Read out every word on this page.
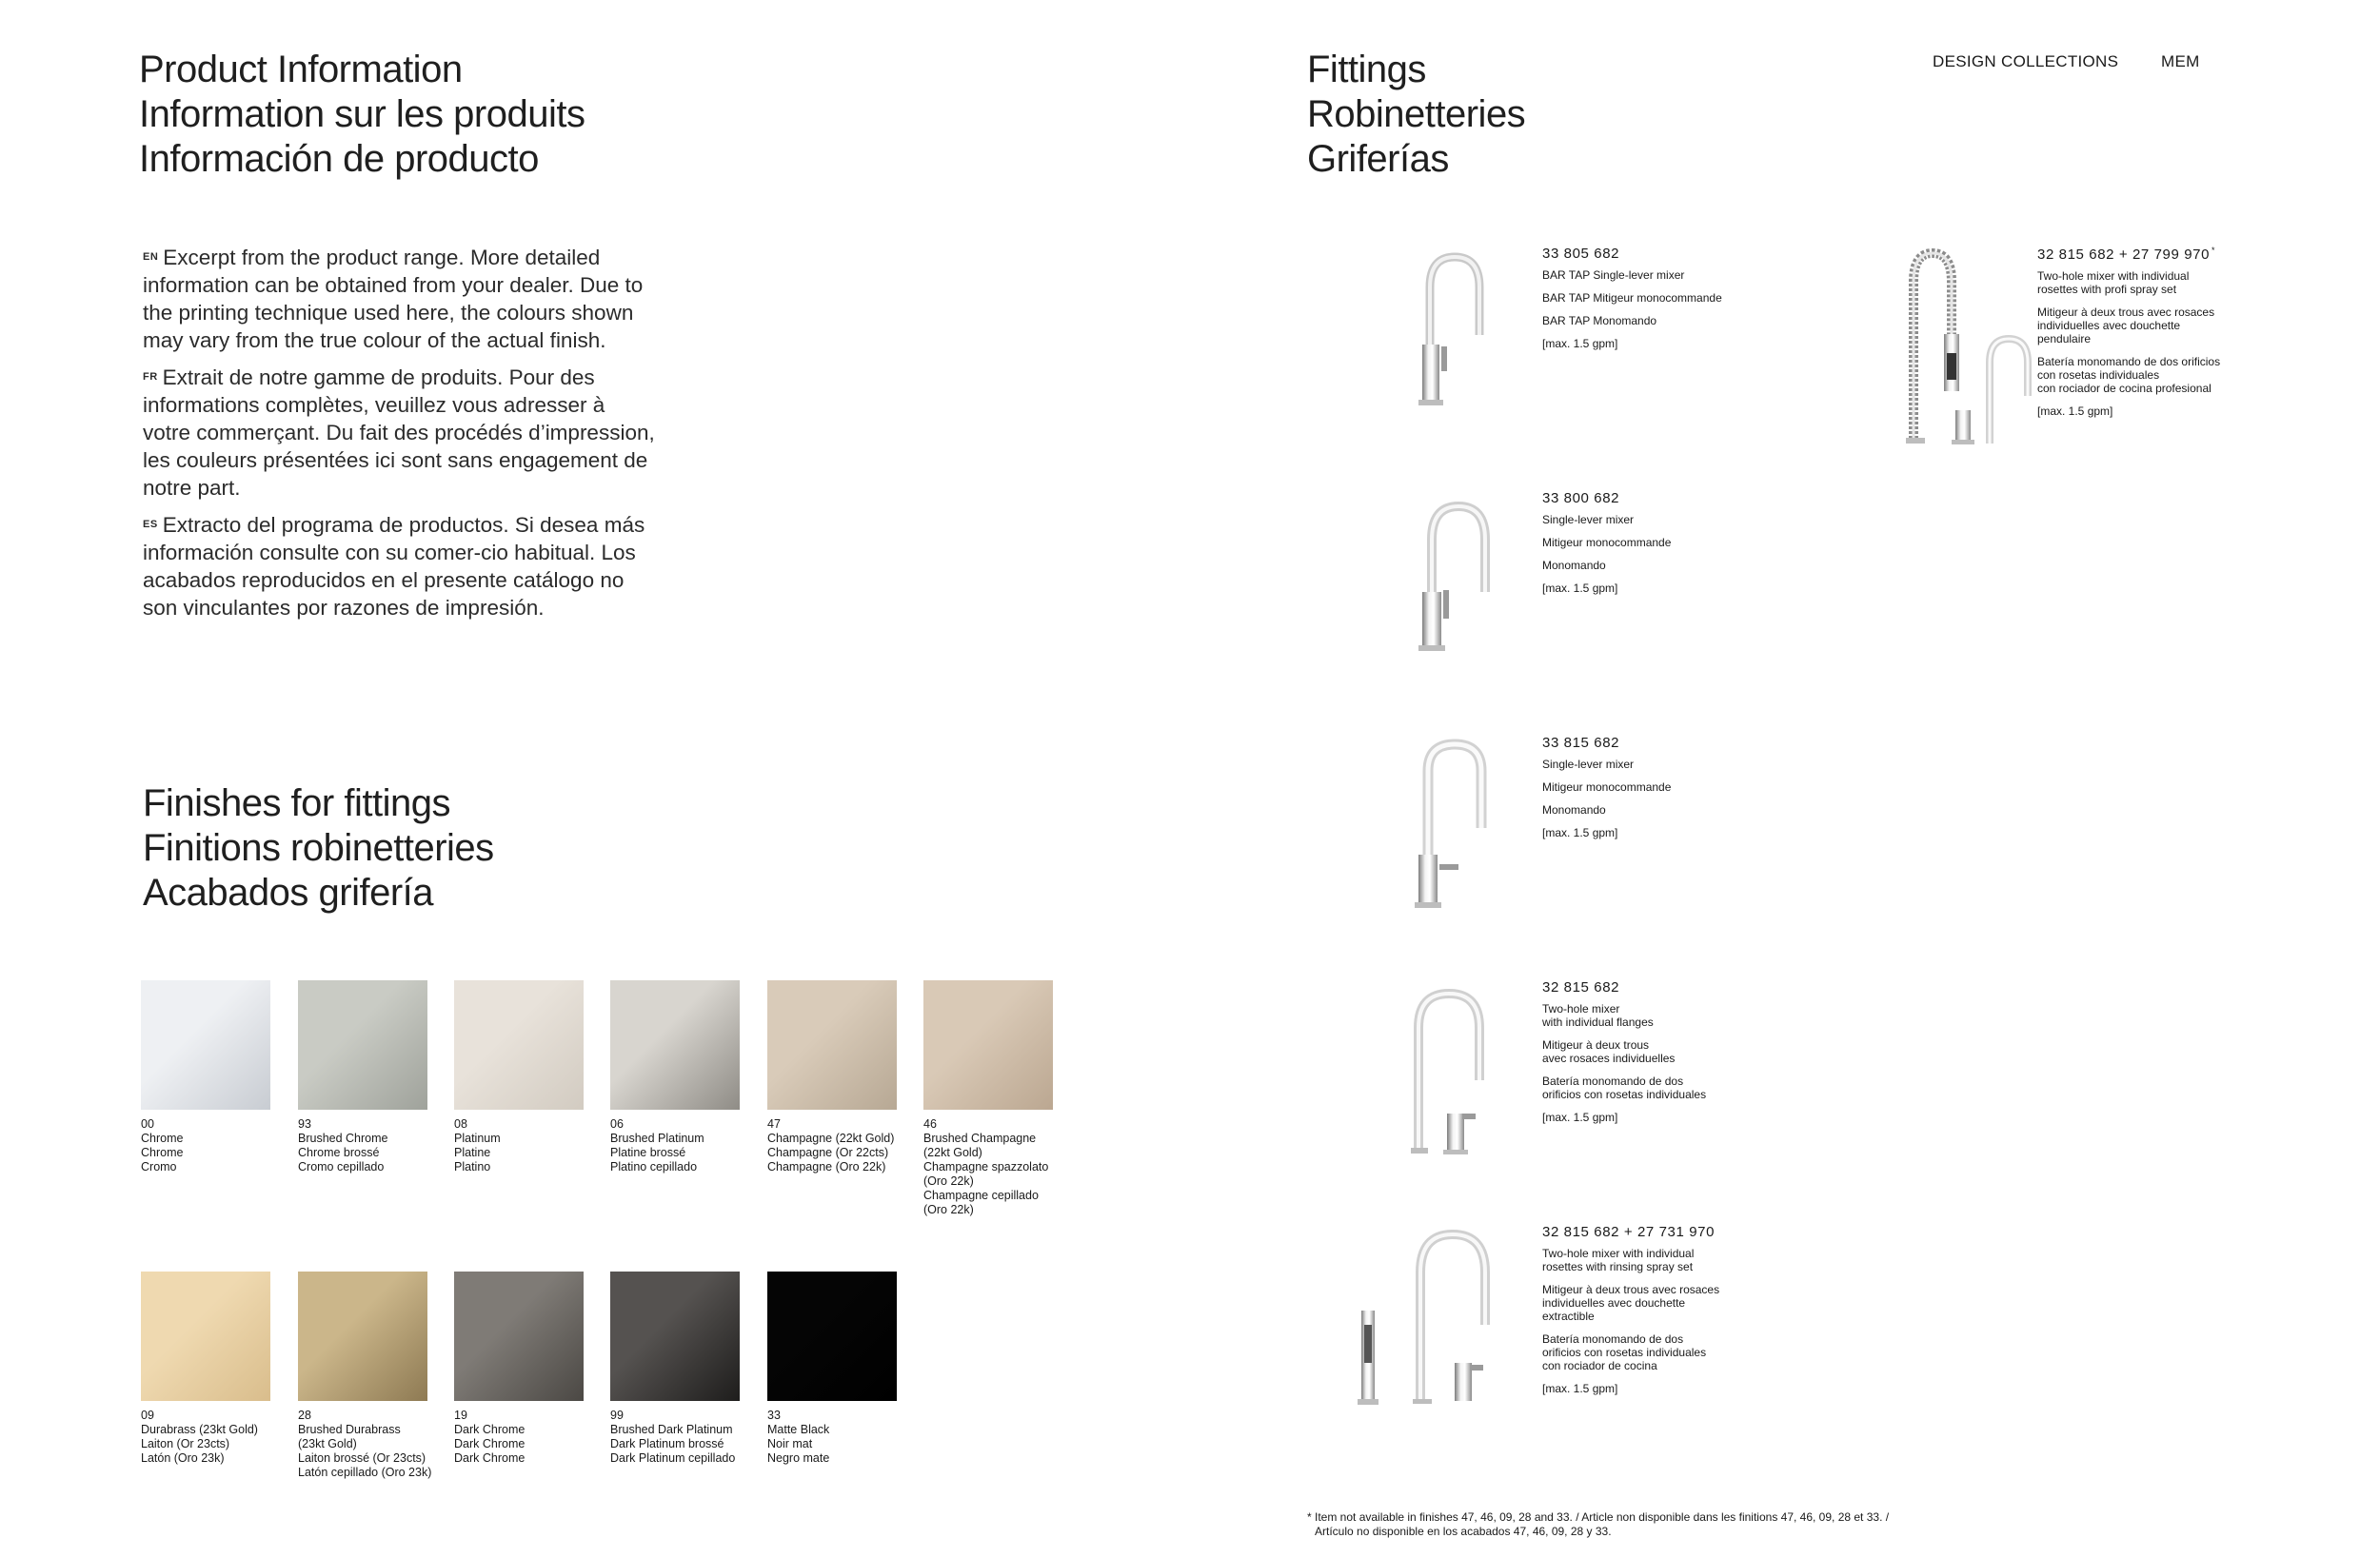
DESIGN COLLECTIONS	MEM
Product Information
Information sur les produits
Información de producto

$^{EN}$ Excerpt from the product range. More detailed information can be obtained from your dealer. Due to the printing technique used here, the colours shown may vary from the true colour of the actual finish.

$^{FR}$ Extrait de notre gamme de produits. Pour des informations complètes, veuillez vous adresser à votre commerçant. Du fait des procédés d’impression, les couleurs présentées ici sont sans engagement de notre part.

$^{ES}$ Extracto del programa de productos. Si desea más información consulte con su comer-cio habitual. Los acabados reproducidos en el presente catálogo no son vinculantes por razones de impresión.

Finishes for fittings
Finitions robinetteries
Acabados grifería
00
Chrome
Chrome
Cromo
93
Brushed Chrome
Chrome brossé
Cromo cepillado
08
Platinum
Platine
Platino
06
Brushed Platinum
Platine brossé
Platino cepillado
47
Champagne (22kt Gold)
Champagne (Or 22cts)
Champagne (Oro 22k)
46
Brushed Champagne
(22kt Gold)
Champagne spazzolato
(Oro 22k)
Champagne cepillado
(Oro 22k)
09
Durabrass (23kt Gold)
Laiton (Or 23cts)
Latón (Oro 23k)
28
Brushed Durabrass
(23kt Gold)
Laiton brossé (Or 23cts)
Latón cepillado (Oro 23k)
19
Dark Chrome
Dark Chrome
Dark Chrome
99
Brushed Dark Platinum
Dark Platinum brossé
Dark Platinum cepillado
33
Matte Black
Noir mat
Negro mate
Fittings
Robinetteries
Griferías
33 805 682
BAR TAP Single-lever mixer
BAR TAP Mitigeur monocommande
BAR TAP Monomando
[max. 1.5 gpm]
32 815 682 + 27 799 970 *
Two-hole mixer with individual
rosettes with profi spray set
Mitigeur à deux trous avec rosaces
individuelles avec douchette
pendulaire
Batería monomando de dos orificios
con rosetas individuales
con rociador de cocina profesional
[max. 1.5 gpm]
33 800 682
Single-lever mixer
Mitigeur monocommande
Monomando
[max. 1.5 gpm]
33 815 682
Single-lever mixer
Mitigeur monocommande
Monomando
[max. 1.5 gpm]
32 815 682
Two-hole mixer
with individual flanges
Mitigeur à deux trous
avec rosaces individuelles
Batería monomando de dos
orificios con rosetas individuales
[max. 1.5 gpm]
32 815 682 + 27 731 970
Two-hole mixer with individual
rosettes with rinsing spray set
Mitigeur à deux trous avec rosaces
individuelles avec douchette
extractible
Batería monomando de dos
orificios con rosetas individuales
con rociador de cocina
[max. 1.5 gpm]
* Item not available in finishes 47, 46, 09, 28 and 33. / Article non disponible dans les finitions 47, 46, 09, 28 et 33. /
Artículo no disponible en los acabados 47, 46, 09, 28 y 33.
